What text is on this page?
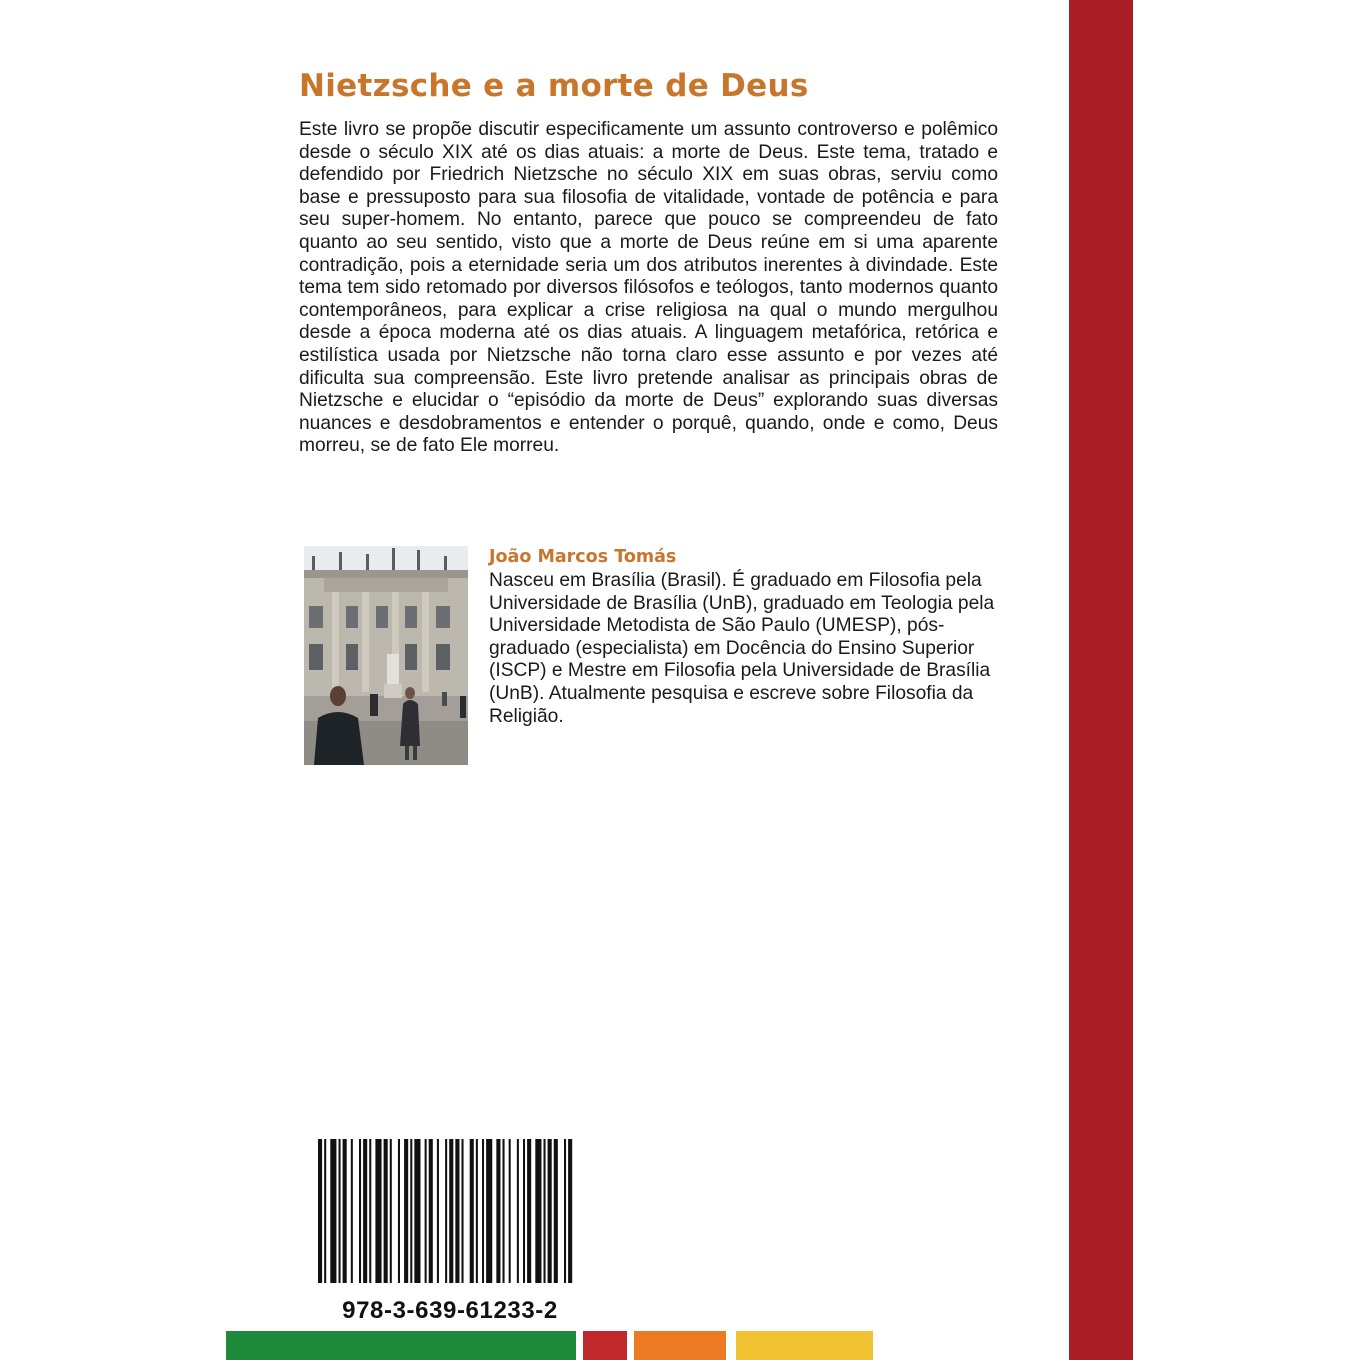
Nietzsche e a morte de Deus

Este livro se propõe discutir especificamente um assunto controverso e polêmico desde o século XIX até os dias atuais: a morte de Deus. Este tema, tratado e defendido por Friedrich Nietzsche no século XIX em suas obras, serviu como base e pressuposto para sua filosofia de vitalidade, vontade de potência e para seu super-homem. No entanto, parece que pouco se compreendeu de fato quanto ao seu sentido, visto que a morte de Deus reúne em si uma aparente contradição, pois a eternidade seria um dos atributos inerentes à divindade. Este tema tem sido retomado por diversos filósofos e teólogos, tanto modernos quanto contemporâneos, para explicar a crise religiosa na qual o mundo mergulhou desde a época moderna até os dias atuais. A linguagem metafórica, retórica e estilística usada por Nietzsche não torna claro esse assunto e por vezes até dificulta sua compreensão. Este livro pretende analisar as principais obras de Nietzsche e elucidar o “episódio da morte de Deus” explorando suas diversas nuances e desdobramentos e entender o porquê, quando, onde e como, Deus morreu, se de fato Ele morreu.

João Marcos Tomás

Nasceu em Brasília (Brasil). É graduado em Filosofia pela Universidade de Brasília (UnB), graduado em Teologia pela Universidade Metodista de São Paulo (UMESP), pós-graduado (especialista) em Docência do Ensino Superior (ISCP) e Mestre em Filosofia pela Universidade de Brasília (UnB). Atualmente pesquisa e escreve sobre Filosofia da Religião.

978-3-639-61233-2
